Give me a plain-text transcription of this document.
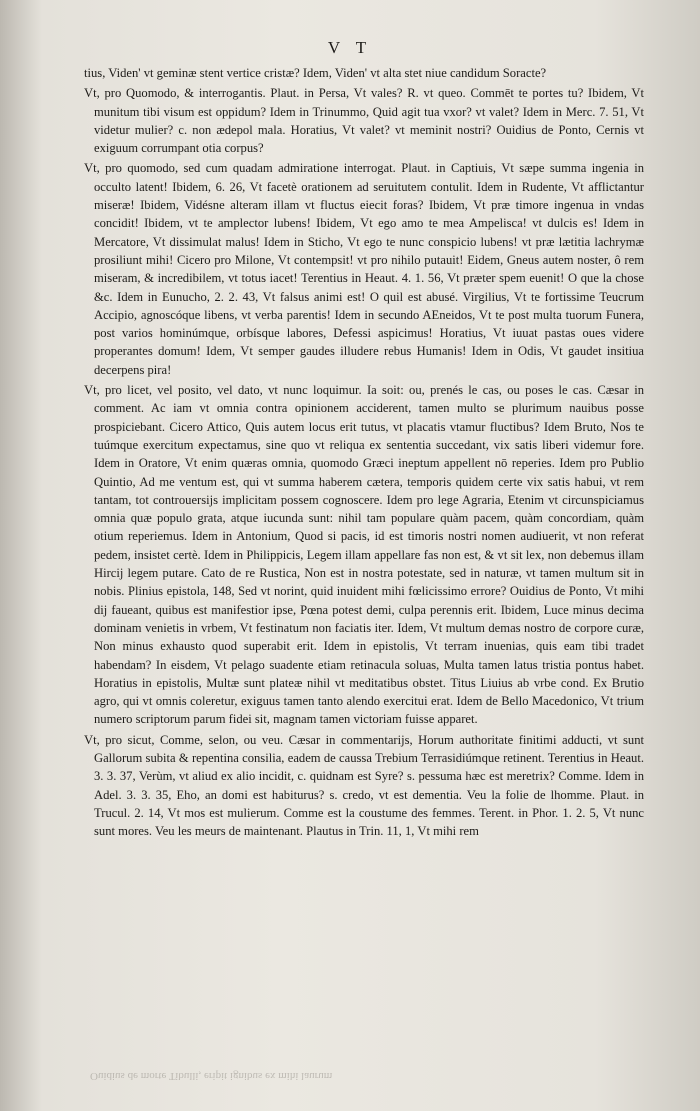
V T

tius, Viden' vt geminæ stent vertice cristæ? Idem, Viden' vt alta stet niue candidum Soracte?

Vt, pro Quomodo, & interrogantis. Plaut. in Persa, Vt vales? R. vt queo. Commēt te portes tu? Ibidem, Vt munitum tibi visum est oppidum? Idem in Trinummo, Quid agit tua vxor? vt valet? Idem in Merc. 7. 51, Vt videtur mulier? c. non ædepol mala. Horatius, Vt valet? vt meminit nostri? Ouidius de Ponto, Cernis vt exiguum corrumpant otia corpus?

Vt, pro quomodo, sed cum quadam admiratione interrogat. Plaut. in Captiuis, Vt sæpe summa ingenia in occulto latent! Ibidem, 6. 26, Vt facetè orationem ad seruitutem contulit. Idem in Rudente, Vt afflictantur miseræ! Ibidem, Vidésne alteram illam vt fluctus eiecit foras? Ibidem, Vt præ timore ingenua in vndas concidit! Ibidem, vt te amplector lubens! Ibidem, Vt ego amo te mea Ampelisca! vt dulcis es! Idem in Mercatore, Vt dissimulat malus! Idem in Sticho, Vt ego te nunc conspicio lubens! vt præ lætitia lachrymæ prosiliunt mihi! Cicero pro Milone, Vt contempsit! vt pro nihilo putauit! Eidem, Gneus autem noster, ô rem miseram, & incredibilem, vt totus iacet! Terentius in Heaut. 4. 1. 56, Vt præter spem euenit! O que la chose &c. Idem in Eunucho, 2. 2. 43, Vt falsus animi est! O quil est abusé. Virgilius, Vt te fortissime Teucrum Accipio, agnoscóque libens, vt verba parentis! Idem in secundo AEneidos, Vt te post multa tuorum Funera, post varios hominúmque, orbísque labores, Defessi aspicimus! Horatius, Vt iuuat pastas oues videre properantes domum! Idem, Vt semper gaudes illudere rebus Humanis! Idem in Odis, Vt gaudet insitiua decerpens pira!

Vt, pro licet, vel posito, vel dato, vt nunc loquimur. Ia soit: ou, prenés le cas, ou poses le cas. Cæsar in comment. Ac iam vt omnia contra opinionem acciderent, tamen multo se plurimum nauibus posse prospiciebant. Cicero Attico, Quis autem locus erit tutus, vt placatis vtamur fluctibus? Idem Bruto, Nos te tuúmque exercitum expectamus, sine quo vt reliqua ex sententia succedant, vix satis liberi videmur fore. Idem in Oratore, Vt enim quæras omnia, quomodo Græci ineptum appellent nō reperies. Idem pro Publio Quintio, Ad me ventum est, qui vt summa haberem cætera, temporis quidem certe vix satis habui, vt rem tantam, tot controuersijs implicitam possem cognoscere. Idem pro lege Agraria, Etenim vt circunspiciamus omnia quæ populo grata, atque iucunda sunt: nihil tam populare quàm pacem, quàm concordiam, quàm otium reperiemus. Idem in Antonium, Quod si pacis, id est timoris nostri nomen audiuerit, vt non referat pedem, insistet certè. Idem in Philippicis, Legem illam appellare fas non est, & vt sit lex, non debemus illam Hircij legem putare. Cato de re Rustica, Non est in nostra potestate, sed in naturæ, vt tamen multum sit in nobis. Plinius epistola, 148, Sed vt norint, quid inuident mihi fœlicissimo errore? Ouidius de Ponto, Vt mihi dij faueant, quibus est manifestior ipse, Pœna potest demi, culpa perennis erit. Ibidem, Luce minus decima dominam venietis in vrbem, Vt festinatum non faciatis iter. Idem, Vt multum demas nostro de corpore curæ, Non minus exhausto quod superabit erit. Idem in epistolis, Vt terram inuenias, quis eam tibi tradet habendam? In eisdem, Vt pelago suadente etiam retinacula soluas, Multa tamen latus tristia pontus habet. Horatius in epistolis, Multæ sunt plateæ nihil vt meditatibus obstet. Titus Liuius ab vrbe cond. Ex Brutio agro, qui vt omnis coleretur, exiguus tamen tanto alendo exercitui erat. Idem de Bello Macedonico, Vt trium numero scriptorum parum fidei sit, magnam tamen victoriam fuisse apparet.

Vt, pro sicut, Comme, selon, ou veu. Cæsar in commentarijs, Horum authoritate finitimi adducti, vt sunt Gallorum subita & repentina consilia, eadem de caussa Trebium Terrasidiúmque retinent. Terentius in Heaut. 3. 3. 37, Verùm, vt aliud ex alio incidit, c. quidnam est Syre? s. pessuma hæc est meretrix? Comme. Idem in Adel. 3. 3. 35, Eho, an domi est habiturus? s. credo, vt est dementia. Veu la folie de lhomme. Plaut. in Trucul. 2. 14, Vt mos est mulierum. Comme est la coustume des femmes. Terent. in Phor. 1. 2. 5, Vt nunc sunt mores. Veu les meurs de maintenant. Plautus in Trin. 11, 1, Vt mihi rem

Ouidius de morte Tibulli, eripit ignibus ex mihi laurum
